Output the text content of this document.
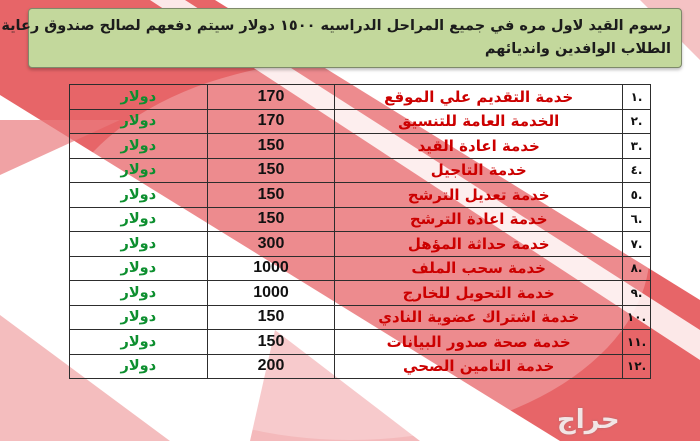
رسوم القيد لاول مره في جميع المراحل الدراسيه ١٥٠٠ دولار سيتم دفعهم لصالح صندوق رعاية

الطلاب الوافدين وانديائهم

.١	خدمة التقديم علي الموقع	170	دولار
.٢	الخدمة العامة للتنسيق	170	دولار
.٣	خدمة اعادة القيد	150	دولار
.٤	خدمة التاجيل	150	دولار
.٥	خدمة تعديل الترشح	150	دولار
.٦	خدمة اعادة الترشح	150	دولار
.٧	خدمة حداثة المؤهل	300	دولار
.٨	خدمة سحب الملف	1000	دولار
.٩	خدمة التحويل للخارج	1000	دولار
.١٠	خدمة اشتراك عضوية النادي	150	دولار
.١١	خدمة صحة صدور البيانات	150	دولار
.١٢	خدمة التامين الصحي	200	دولار
حراج
